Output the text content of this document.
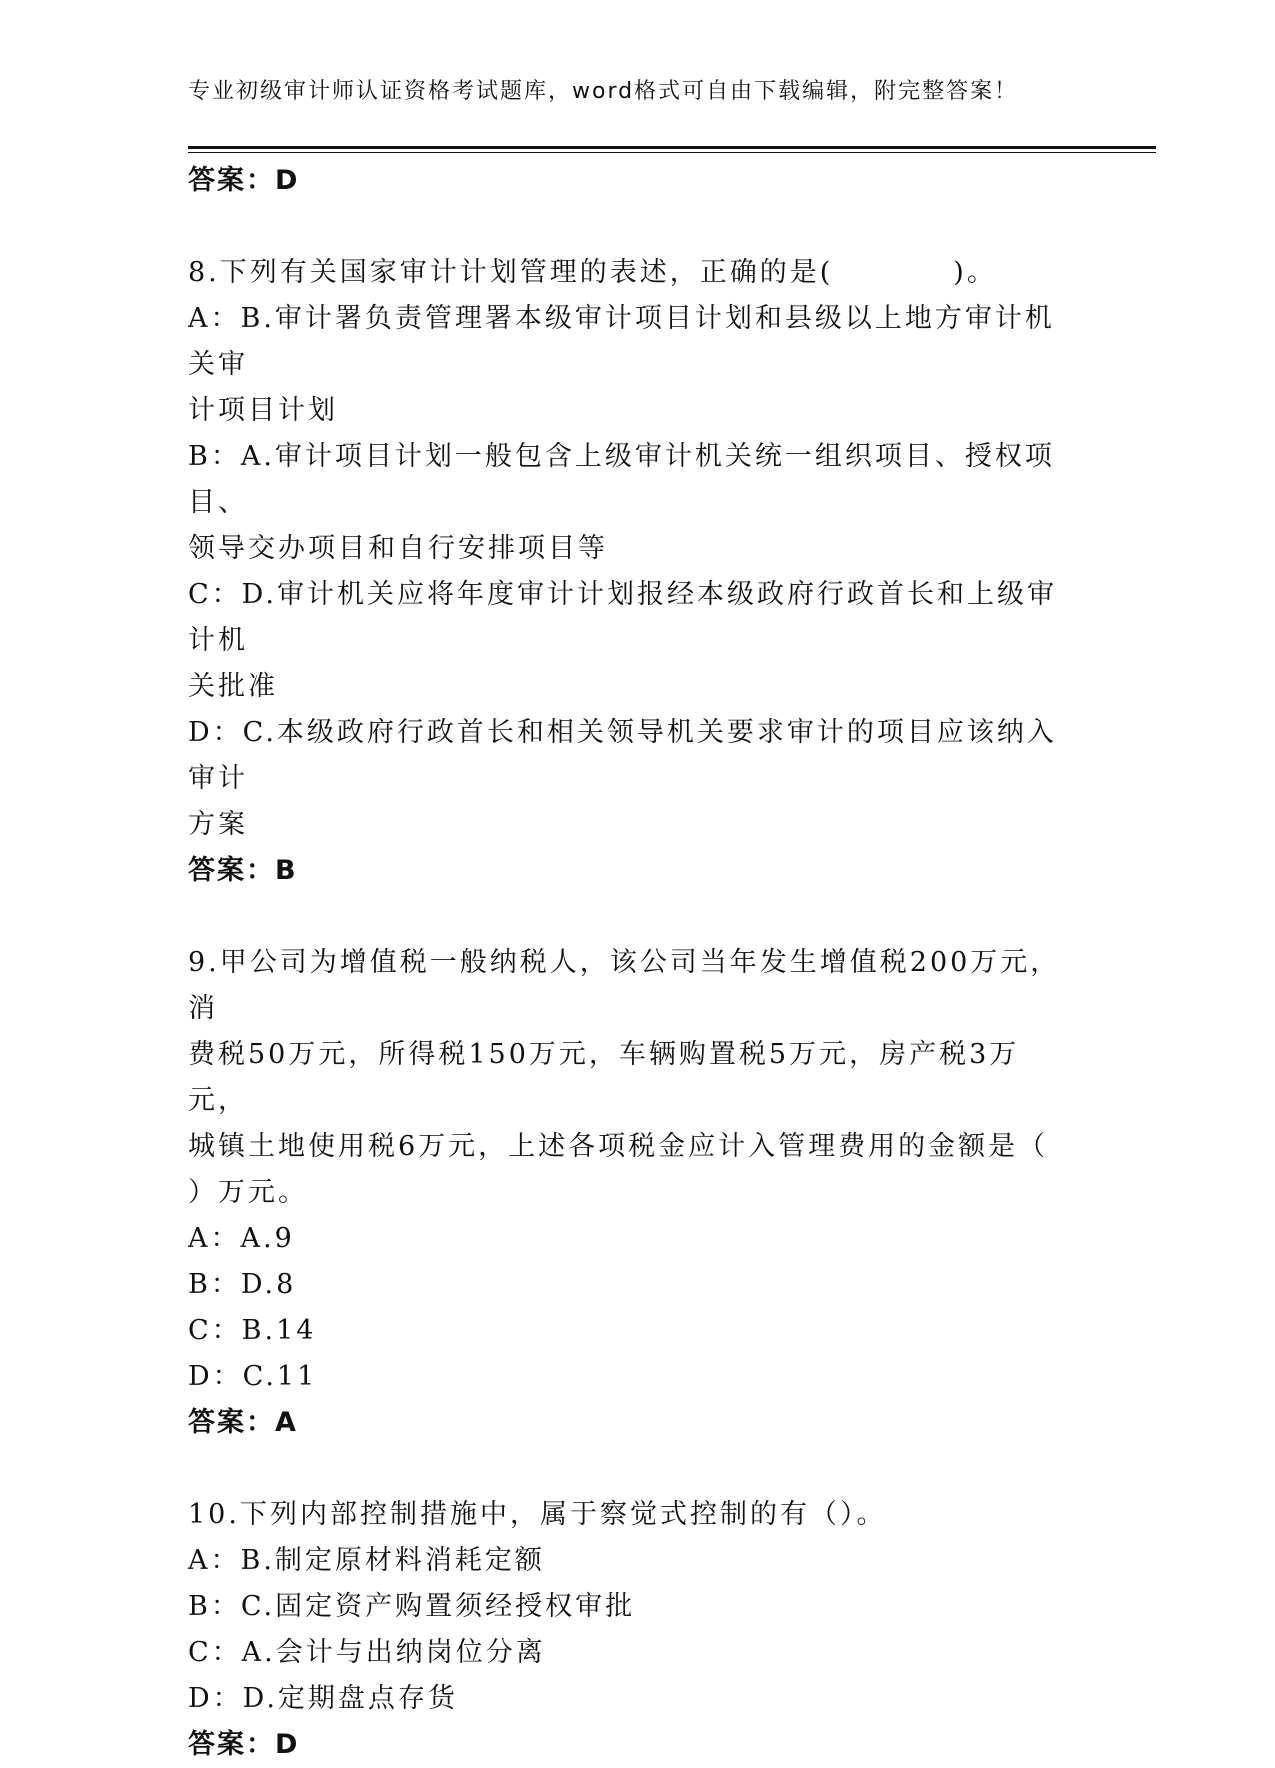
专业初级审计师认证资格考试题库，word格式可自由下载编辑，附完整答案！

答案：D

8.下列有关国家审计计划管理的表述，正确的是(　　　　)。

A：B.审计署负责管理署本级审计项目计划和县级以上地方审计机关审

计项目计划

B：A.审计项目计划一般包含上级审计机关统一组织项目、授权项目、

领导交办项目和自行安排项目等

C：D.审计机关应将年度审计计划报经本级政府行政首长和上级审计机

关批准

D：C.本级政府行政首长和相关领导机关要求审计的项目应该纳入审计

方案

答案：B

9.甲公司为增值税一般纳税人，该公司当年发生增值税200万元，消

费税50万元，所得税150万元，车辆购置税5万元，房产税3万元，

城镇土地使用税6万元，上述各项税金应计入管理费用的金额是（

）万元。

A：A.9

B：D.8

C：B.14

D：C.11

答案：A

10.下列内部控制措施中，属于察觉式控制的有（）。

A：B.制定原材料消耗定额

B：C.固定资产购置须经授权审批

C：A.会计与出纳岗位分离

D：D.定期盘点存货

答案：D
